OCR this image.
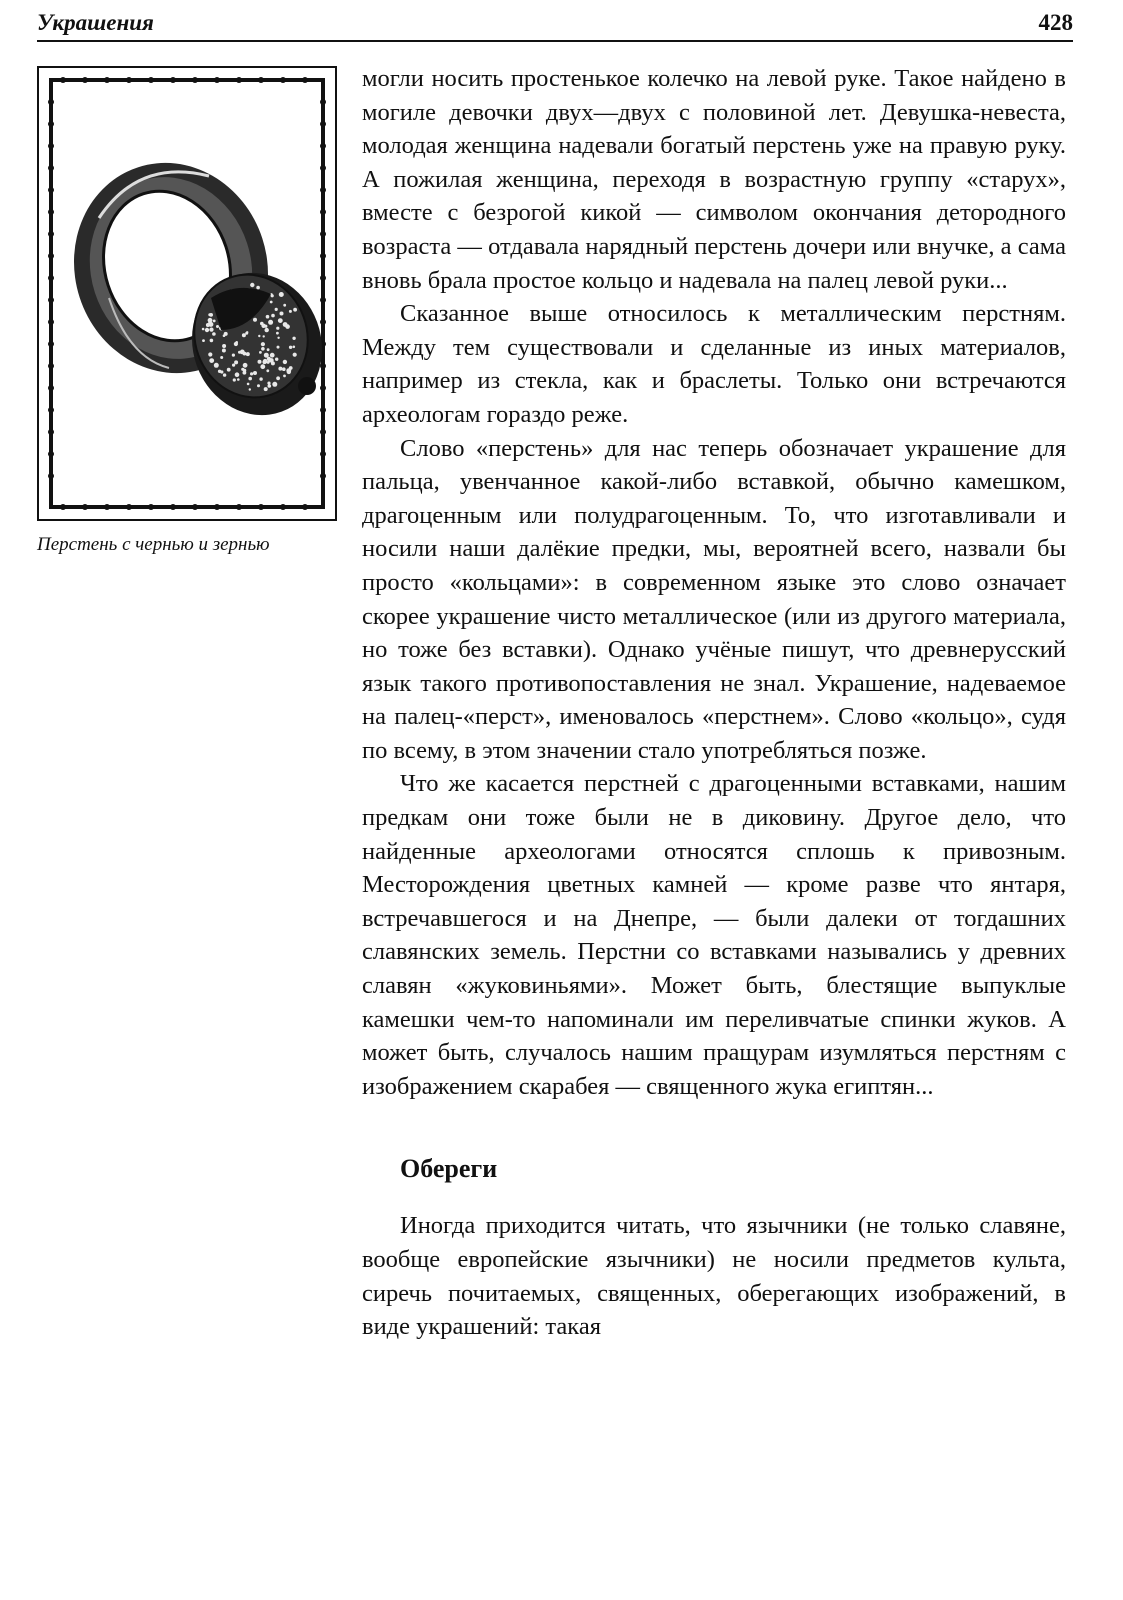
Украшения	428
Перстень с чернью и зернью

могли носить простенькое колечко на левой руке. Такое найдено в могиле девочки двух—двух с половиной лет. Девушка-невеста, молодая женщина надевали богатый перстень уже на правую руку. А пожилая женщина, переходя в возрастную группу «старух», вместе с безрогой кикой — символом окончания детородного возраста — отдавала нарядный перстень дочери или внучке, а сама вновь брала простое кольцо и надевала на палец левой руки...

Сказанное выше относилось к металлическим перстням. Между тем существовали и сделанные из иных материалов, например из стекла, как и браслеты. Только они встречаются археологам гораздо реже.

Слово «перстень» для нас теперь обозначает украшение для пальца, увенчанное какой-либо вставкой, обычно камешком, драгоценным или полудрагоценным. То, что изготавливали и носили наши далёкие предки, мы, вероятней всего, назвали бы просто «кольцами»: в современном языке это слово означает скорее украшение чисто металлическое (или из другого материала, но тоже без вставки). Однако учёные пишут, что древнерусский язык такого противопоставления не знал. Украшение, надеваемое на палец-«перст», именовалось «перстнем». Слово «кольцо», судя по всему, в этом значении стало употребляться позже.

Что же касается перстней с драгоценными вставками, нашим предкам они тоже были не в диковину. Другое дело, что найденные археологами относятся сплошь к привозным. Месторождения цветных камней — кроме разве что янтаря, встречавшегося и на Днепре, — были далеки от тогдашних славянских земель. Перстни со вставками назывались у древних славян «жуковиньями». Может быть, блестящие выпуклые камешки чем-то напоминали им переливчатые спинки жуков. А может быть, случалось нашим пращурам изумляться перстням с изображением скарабея — священного жука египтян...

Обереги

Иногда приходится читать, что язычники (не только славяне, вообще европейские язычники) не носили предметов культа, сиречь почитаемых, священных, оберегающих изображений, в виде украшений: такая
